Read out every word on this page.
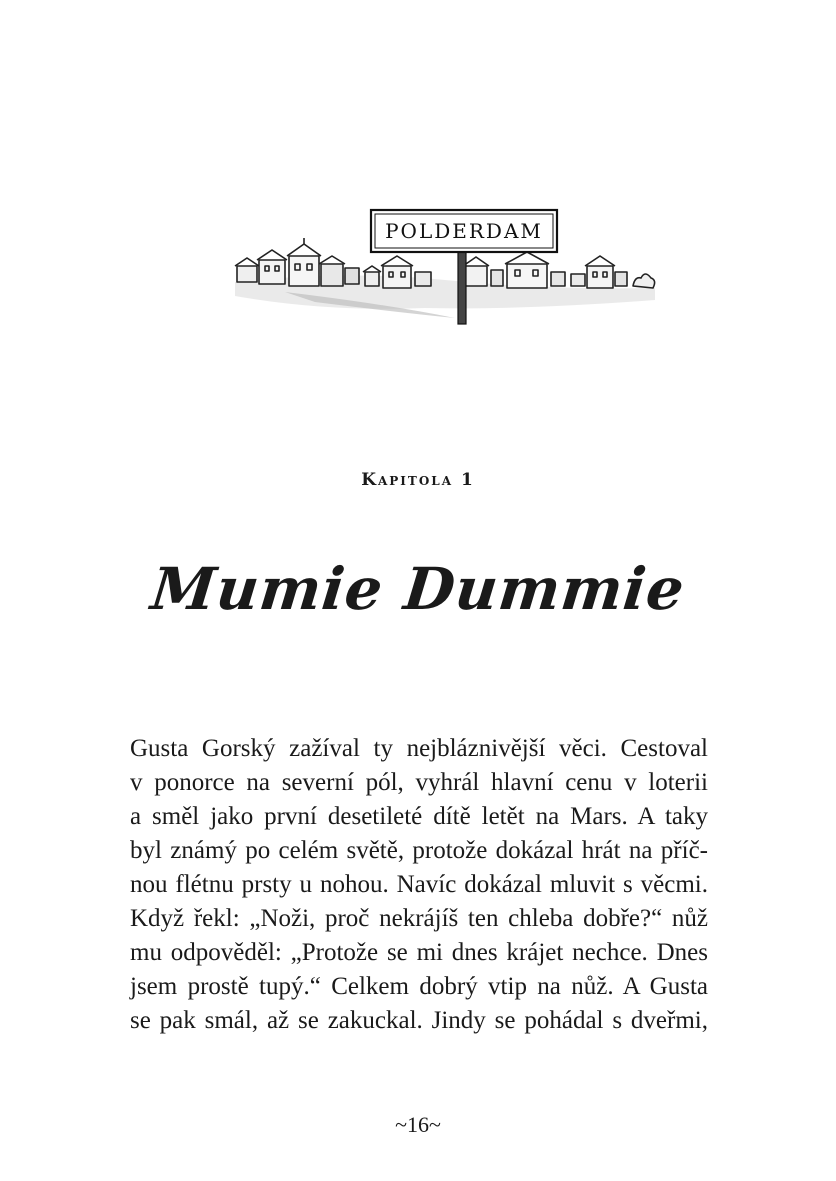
POLDERDAM
Kapitola 1
Mumie Dummie
Gusta Gorský zažíval ty nejbláznivější věci. Cestoval
v ponorce na severní pól, vyhrál hlavní cenu v loterii
a směl jako první desetileté dítě letět na Mars. A taky
byl známý po celém světě, protože dokázal hrát na příč-
nou flétnu prsty u nohou. Navíc dokázal mluvit s věcmi.
Když řekl: „Noži, proč nekrájíš ten chleba dobře?“ nůž
mu odpověděl: „Protože se mi dnes krájet nechce. Dnes
jsem prostě tupý.“ Celkem dobrý vtip na nůž. A Gusta
se pak smál, až se zakuckal. Jindy se pohádal s dveřmi,
~16~
